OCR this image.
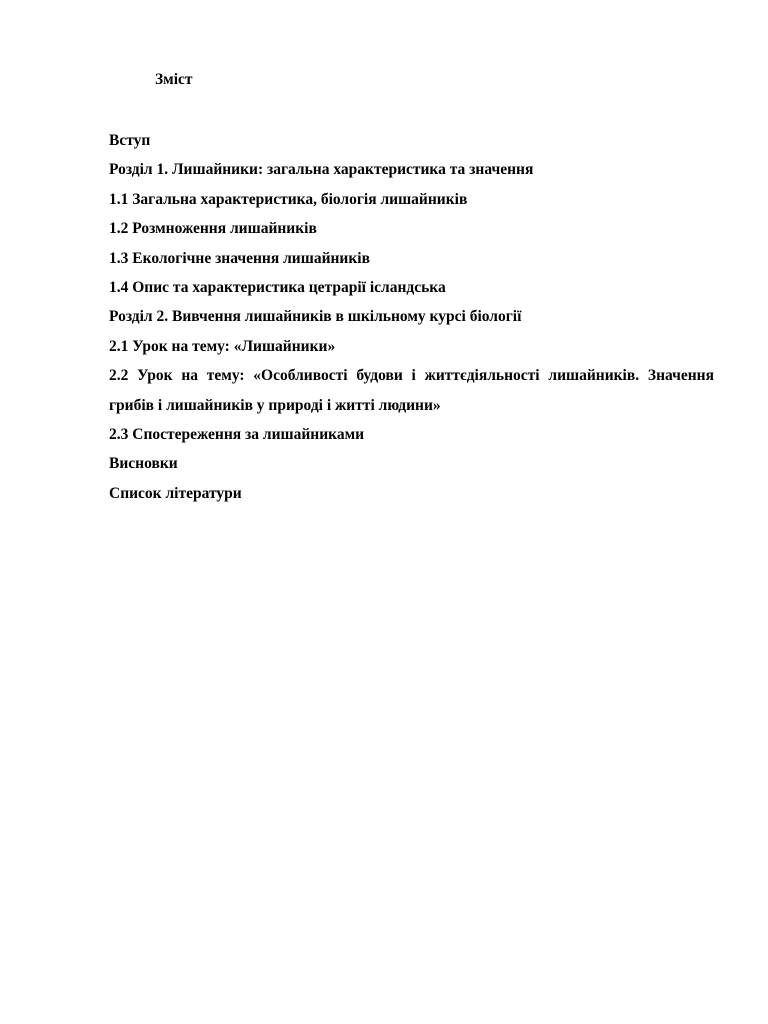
Зміст
Вступ
Розділ 1. Лишайники: загальна характеристика та значення
1.1 Загальна характеристика, біологія лишайників
1.2 Розмноження лишайників
1.3 Екологічне значення лишайників
1.4 Опис та характеристика цетрарії ісландська
Розділ 2. Вивчення лишайників в шкільному курсі біології
2.1 Урок на тему: «Лишайники»
2.2 Урок на тему: «Особливості будови і життєдіяльності лишайників. Значення грибів і лишайників у природі і житті людини»
2.3 Спостереження за лишайниками
Висновки
Список літератури
